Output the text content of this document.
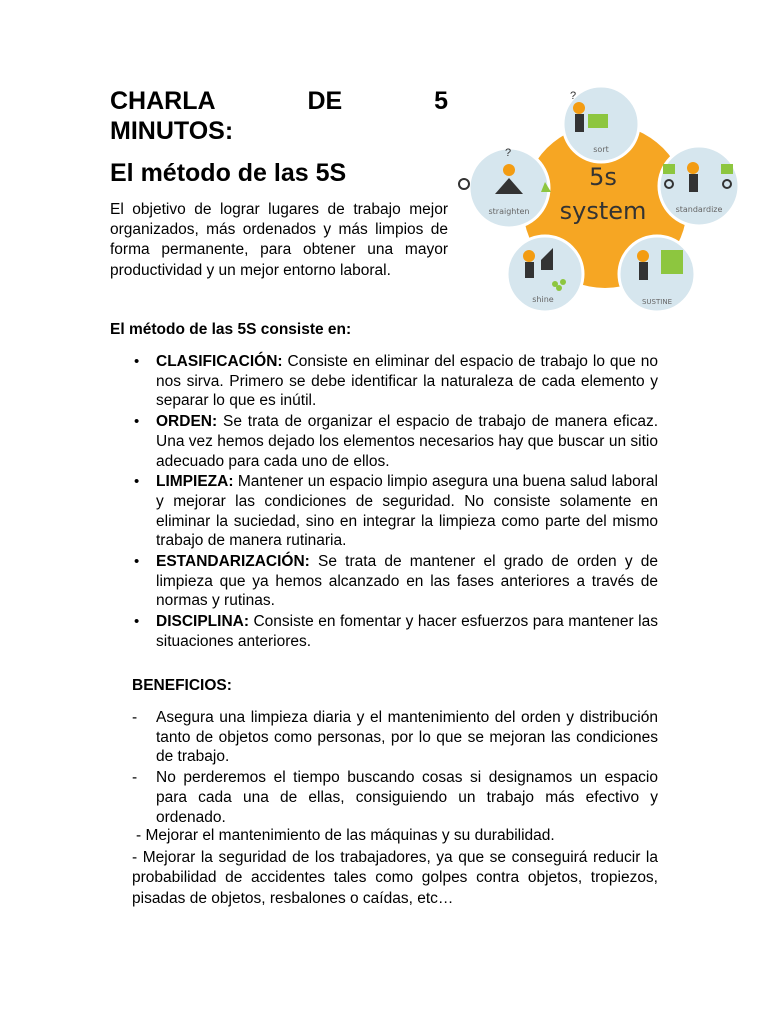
CHARLA	DE	5
MINUTOS:
El método de las 5S
El objetivo de lograr lugares de trabajo mejor organizados, más ordenados y más limpios de forma permanente, para obtener una mayor productividad y un mejor entorno laboral.
5s
system
?
sort
?
straighten	standardize
shine	SUSTINE
El método de las 5S consiste en:
• CLASIFICACIÓN: Consiste en eliminar del espacio de trabajo lo que no nos sirva. Primero se debe identificar la naturaleza de cada elemento y separar lo que es inútil.
• ORDEN: Se trata de organizar el espacio de trabajo de manera eficaz. Una vez hemos dejado los elementos necesarios hay que buscar un sitio adecuado para cada uno de ellos.
• LIMPIEZA: Mantener un espacio limpio asegura una buena salud laboral y mejorar las condiciones de seguridad. No consiste solamente en eliminar la suciedad, sino en integrar la limpieza como parte del mismo trabajo de manera rutinaria.
• ESTANDARIZACIÓN: Se trata de mantener el grado de orden y de limpieza que ya hemos alcanzado en las fases anteriores a través de normas y rutinas.
• DISCIPLINA: Consiste en fomentar y hacer esfuerzos para mantener las situaciones anteriores.
BENEFICIOS:
- Asegura una limpieza diaria y el mantenimiento del orden y distribución tanto de objetos como personas, por lo que se mejoran las condiciones de trabajo.
- No perderemos el tiempo buscando cosas si designamos un espacio para cada una de ellas, consiguiendo un trabajo más efectivo y ordenado.
- Mejorar el mantenimiento de las máquinas y su durabilidad.
- Mejorar la seguridad de los trabajadores, ya que se conseguirá reducir la probabilidad de accidentes tales como golpes contra objetos, tropiezos, pisadas de objetos, resbalones o caídas, etc…
